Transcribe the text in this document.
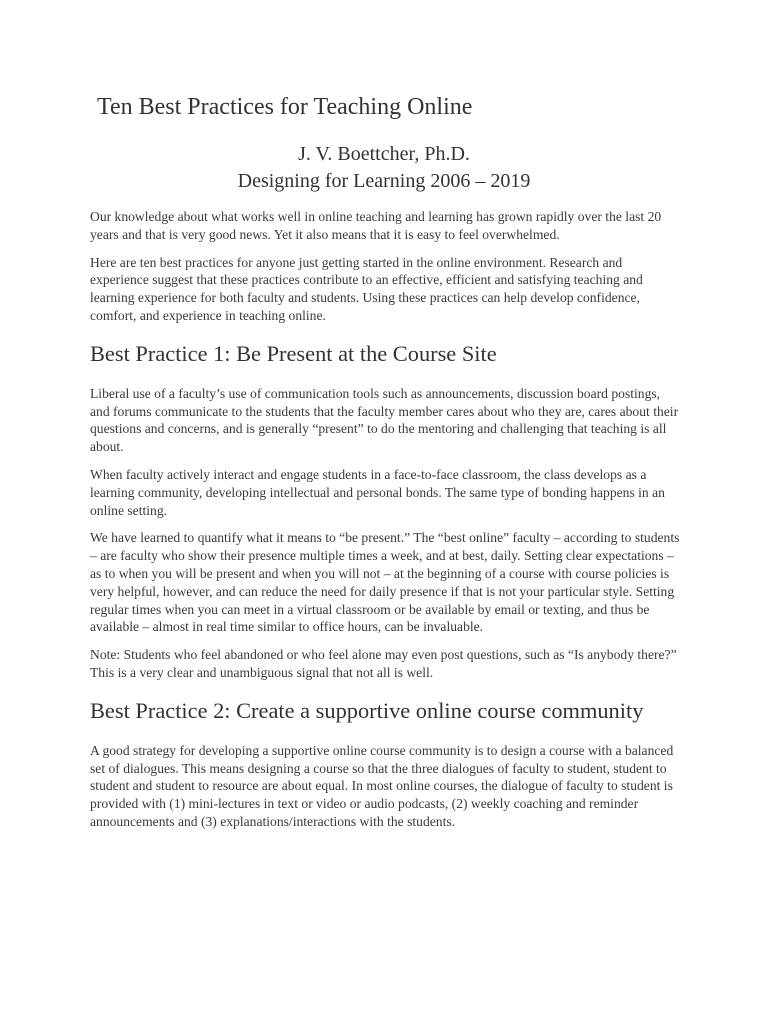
Ten Best Practices for Teaching Online

J. V. Boettcher, Ph.D.

Designing for Learning 2006 – 2019

Our knowledge about what works well in online teaching and learning has grown rapidly over the last 20 years and that is very good news. Yet it also means that it is easy to feel overwhelmed.

Here are ten best practices for anyone just getting started in the online environment. Research and experience suggest that these practices contribute to an effective, efficient and satisfying teaching and learning experience for both faculty and students. Using these practices can help develop confidence, comfort, and experience in teaching online.

Best Practice 1: Be Present at the Course Site

Liberal use of a faculty’s use of communication tools such as announcements, discussion board postings, and forums communicate to the students that the faculty member cares about who they are, cares about their questions and concerns, and is generally “present” to do the mentoring and challenging that teaching is all about.

When faculty actively interact and engage students in a face-to-face classroom, the class develops as a learning community, developing intellectual and personal bonds. The same type of bonding happens in an online setting.

We have learned to quantify what it means to “be present.” The “best online” faculty – according to students – are faculty who show their presence multiple times a week, and at best, daily. Setting clear expectations – as to when you will be present and when you will not – at the beginning of a course with course policies is very helpful, however, and can reduce the need for daily presence if that is not your particular style. Setting regular times when you can meet in a virtual classroom or be available by email or texting, and thus be available – almost in real time similar to office hours, can be invaluable.

Note: Students who feel abandoned or who feel alone may even post questions, such as “Is anybody there?” This is a very clear and unambiguous signal that not all is well.

Best Practice 2: Create a supportive online course community

A good strategy for developing a supportive online course community is to design a course with a balanced set of dialogues. This means designing a course so that the three dialogues of faculty to student, student to student and student to resource are about equal. In most online courses, the dialogue of faculty to student is provided with (1) mini-lectures in text or video or audio podcasts, (2) weekly coaching and reminder announcements and (3) explanations/interactions with the students.
